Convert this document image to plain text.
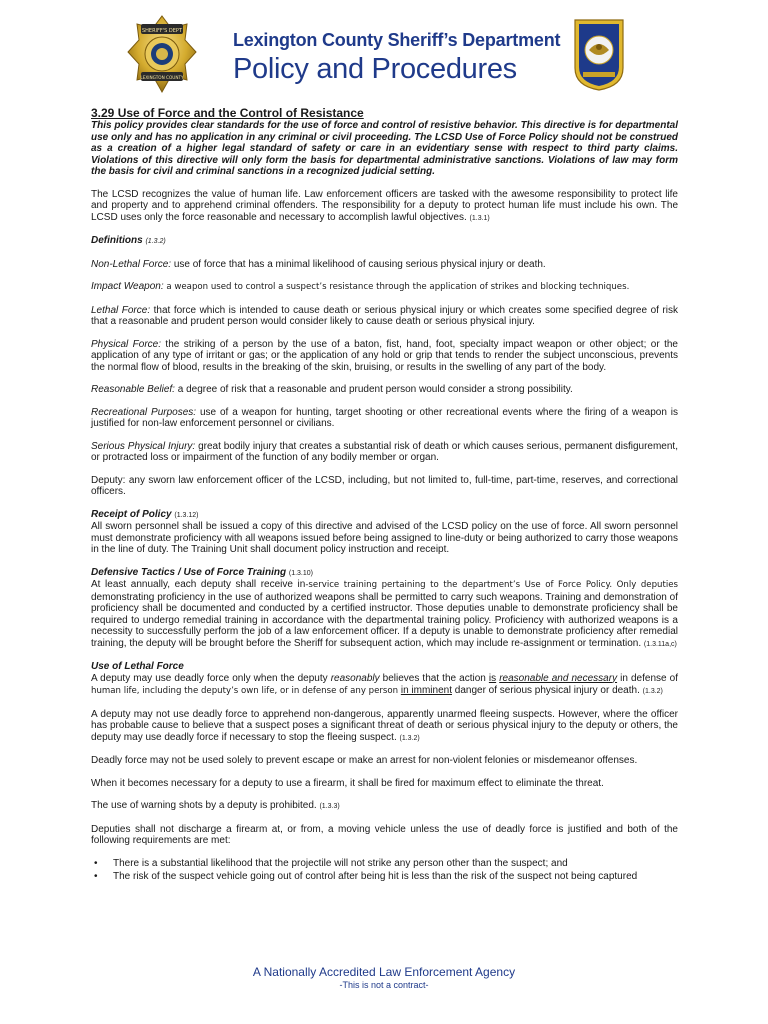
SHERIFF'S DEPT
LEXINGTON COUNTY
Lexington County Sheriff’s Department
Policy and Procedures
3.29 Use of Force and the Control of Resistance

This policy provides clear standards for the use of force and control of resistive behavior. This directive is for departmental use only and has no application in any criminal or civil proceeding. The LCSD Use of Force Policy should not be construed as a creation of a higher legal standard of safety or care in an evidentiary sense with respect to third party claims. Violations of this directive will only form the basis for departmental administrative sanctions. Violations of law may form the basis for civil and criminal sanctions in a recognized judicial setting.

The LCSD recognizes the value of human life. Law enforcement officers are tasked with the awesome responsibility to protect life and property and to apprehend criminal offenders. The responsibility for a deputy to protect human life must include his own. The LCSD uses only the force reasonable and necessary to accomplish lawful objectives. (1.3.1)

Definitions (1.3.2)

Non-Lethal Force: use of force that has a minimal likelihood of causing serious physical injury or death.

Impact Weapon: a weapon used to control a suspect’s resistance through the application of strikes and blocking techniques.

Lethal Force: that force which is intended to cause death or serious physical injury or which creates some specified degree of risk that a reasonable and prudent person would consider likely to cause death or serious physical injury.

Physical Force: the striking of a person by the use of a baton, fist, hand, foot, specialty impact weapon or other object; or the application of any type of irritant or gas; or the application of any hold or grip that tends to render the subject unconscious, prevents the normal flow of blood, results in the breaking of the skin, bruising, or results in the swelling of any part of the body.

Reasonable Belief: a degree of risk that a reasonable and prudent person would consider a strong possibility.

Recreational Purposes: use of a weapon for hunting, target shooting or other recreational events where the firing of a weapon is justified for non-law enforcement personnel or civilians.

Serious Physical Injury: great bodily injury that creates a substantial risk of death or which causes serious, permanent disfigurement, or protracted loss or impairment of the function of any bodily member or organ.

Deputy: any sworn law enforcement officer of the LCSD, including, but not limited to, full-time, part-time, reserves, and correctional officers.

Receipt of Policy (1.3.12)

All sworn personnel shall be issued a copy of this directive and advised of the LCSD policy on the use of force. All sworn personnel must demonstrate proficiency with all weapons issued before being assigned to line-duty or being authorized to carry those weapons in the line of duty. The Training Unit shall document policy instruction and receipt.

Defensive Tactics / Use of Force Training (1.3.10)

At least annually, each deputy shall receive in-service training pertaining to the department’s Use of Force Policy. Only deputies demonstrating proficiency in the use of authorized weapons shall be permitted to carry such weapons. Training and demonstration of proficiency shall be documented and conducted by a certified instructor. Those deputies unable to demonstrate proficiency shall be required to undergo remedial training in accordance with the departmental training policy. Proficiency with authorized weapons is a necessity to successfully perform the job of a law enforcement officer. If a deputy is unable to demonstrate proficiency after remedial training, the deputy will be brought before the Sheriff for subsequent action, which may include re-assignment or termination. (1.3.11a,c)

Use of Lethal Force

A deputy may use deadly force only when the deputy reasonably believes that the action is reasonable and necessary in defense of human life, including the deputy’s own life, or in defense of any person in imminent danger of serious physical injury or death. (1.3.2)

A deputy may not use deadly force to apprehend non-dangerous, apparently unarmed fleeing suspects. However, where the officer has probable cause to believe that a suspect poses a significant threat of death or serious physical injury to the deputy or others, the deputy may use deadly force if necessary to stop the fleeing suspect. (1.3.2)

Deadly force may not be used solely to prevent escape or make an arrest for non-violent felonies or misdemeanor offenses.

When it becomes necessary for a deputy to use a firearm, it shall be fired for maximum effect to eliminate the threat.

The use of warning shots by a deputy is prohibited. (1.3.3)

Deputies shall not discharge a firearm at, or from, a moving vehicle unless the use of deadly force is justified and both of the following requirements are met:

• There is a substantial likelihood that the projectile will not strike any person other than the suspect; and
• The risk of the suspect vehicle going out of control after being hit is less than the risk of the suspect not being captured
A Nationally Accredited Law Enforcement Agency
-This is not a contract-
